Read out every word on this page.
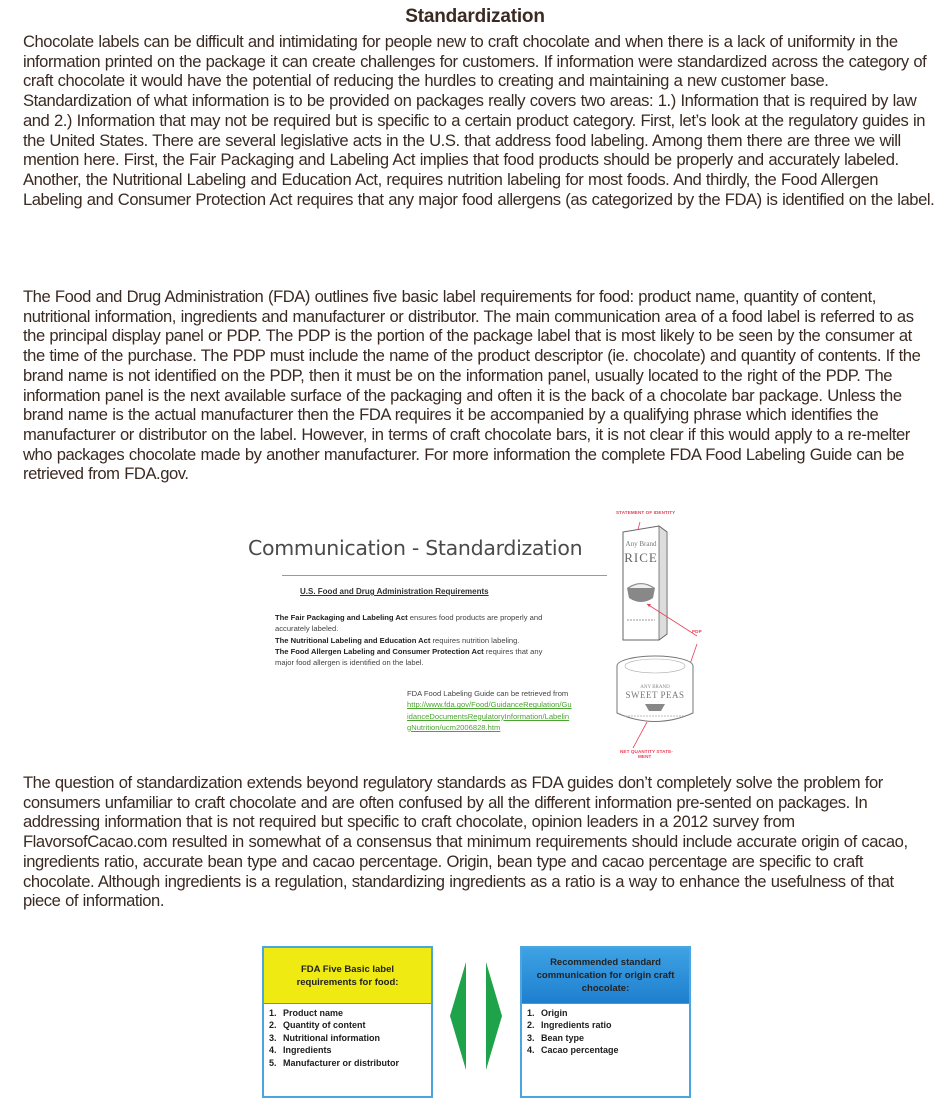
Standardization

Chocolate labels can be difficult and intimidating for people new to craft chocolate and when there is a lack of uniformity in the information printed on the package it can create challenges for customers. If information were standardized across the category of craft chocolate it would have the potential of reducing the hurdles to creating and maintaining a new customer base. Standardization of what information is to be provided on packages really covers two areas: 1.) Information that is required by law and 2.) Information that may not be required but is specific to a certain product category. First, let’s look at the regulatory guides in the United States. There are several legislative acts in the U.S. that address food labeling. Among them there are three we will mention here. First, the Fair Packaging and Labeling Act implies that food products should be properly and accurately labeled. Another, the Nutritional Labeling and Education Act, requires nutrition labeling for most foods. And thirdly, the Food Allergen Labeling and Consumer Protection Act requires that any major food allergens (as categorized by the FDA) is identified on the label.

The Food and Drug Administration (FDA) outlines five basic label requirements for food: product name, quantity of content, nutritional information, ingredients and manufacturer or distributor. The main communication area of a food label is referred to as the principal display panel or PDP. The PDP is the portion of the package label that is most likely to be seen by the consumer at the time of the purchase. The PDP must include the name of the product descriptor (ie. chocolate) and quantity of contents. If the brand name is not identified on the PDP, then it must be on the information panel, usually located to the right of the PDP. The information panel is the next available surface of the packaging and often it is the back of a chocolate bar package. Unless the brand name is the actual manufacturer then the FDA requires it be accompanied by a qualifying phrase which identifies the manufacturer or distributor on the label. However, in terms of craft chocolate bars, it is not clear if this would apply to a re-melter who packages chocolate made by another manufacturer. For more information the complete FDA Food Labeling Guide can be retrieved from FDA.gov.

Communication - Standardization
U.S. Food and Drug Administration Requirements
The Fair Packaging and Labeling Act ensures food products are properly and accurately labeled.
The Nutritional Labeling and Education Act requires nutrition labeling.
The Food Allergen Labeling and Consumer Protection Act requires that any major food allergen is identified on the label.
FDA Food Labeling Guide can be retrieved from
http://www.fda.gov/Food/GuidanceRegulation/GuidanceDocumentsRegulatoryInformation/LabelingNutrition/ucm2006828.htm
Any Brand
RICE
ANY BRAND
SWEET PEAS
STATEMENT OF IDENTITY
PDP
NET QUANTITY STATE-
MENT

The question of standardization extends beyond regulatory standards as FDA guides don’t completely solve the problem for consumers unfamiliar to craft chocolate and are often confused by all the different information pre-sented on packages. In addressing information that is not required but specific to craft chocolate, opinion leaders in a 2012 survey from FlavorsofCacao.com resulted in somewhat of a consensus that minimum requirements should include accurate origin of cacao, ingredients ratio, accurate bean type and cacao percentage. Origin, bean type and cacao percentage are specific to craft chocolate. Although ingredients is a regulation, standardizing ingredients as a ratio is a way to enhance the usefulness of that piece of information.

FDA Five Basic label requirements for food:
1. Product name
2. Quantity of content
3. Nutritional information
4. Ingredients
5. Manufacturer or distributor
Recommended standard communication for origin craft chocolate:
1. Origin
2. Ingredients ratio
3. Bean type
4. Cacao percentage
